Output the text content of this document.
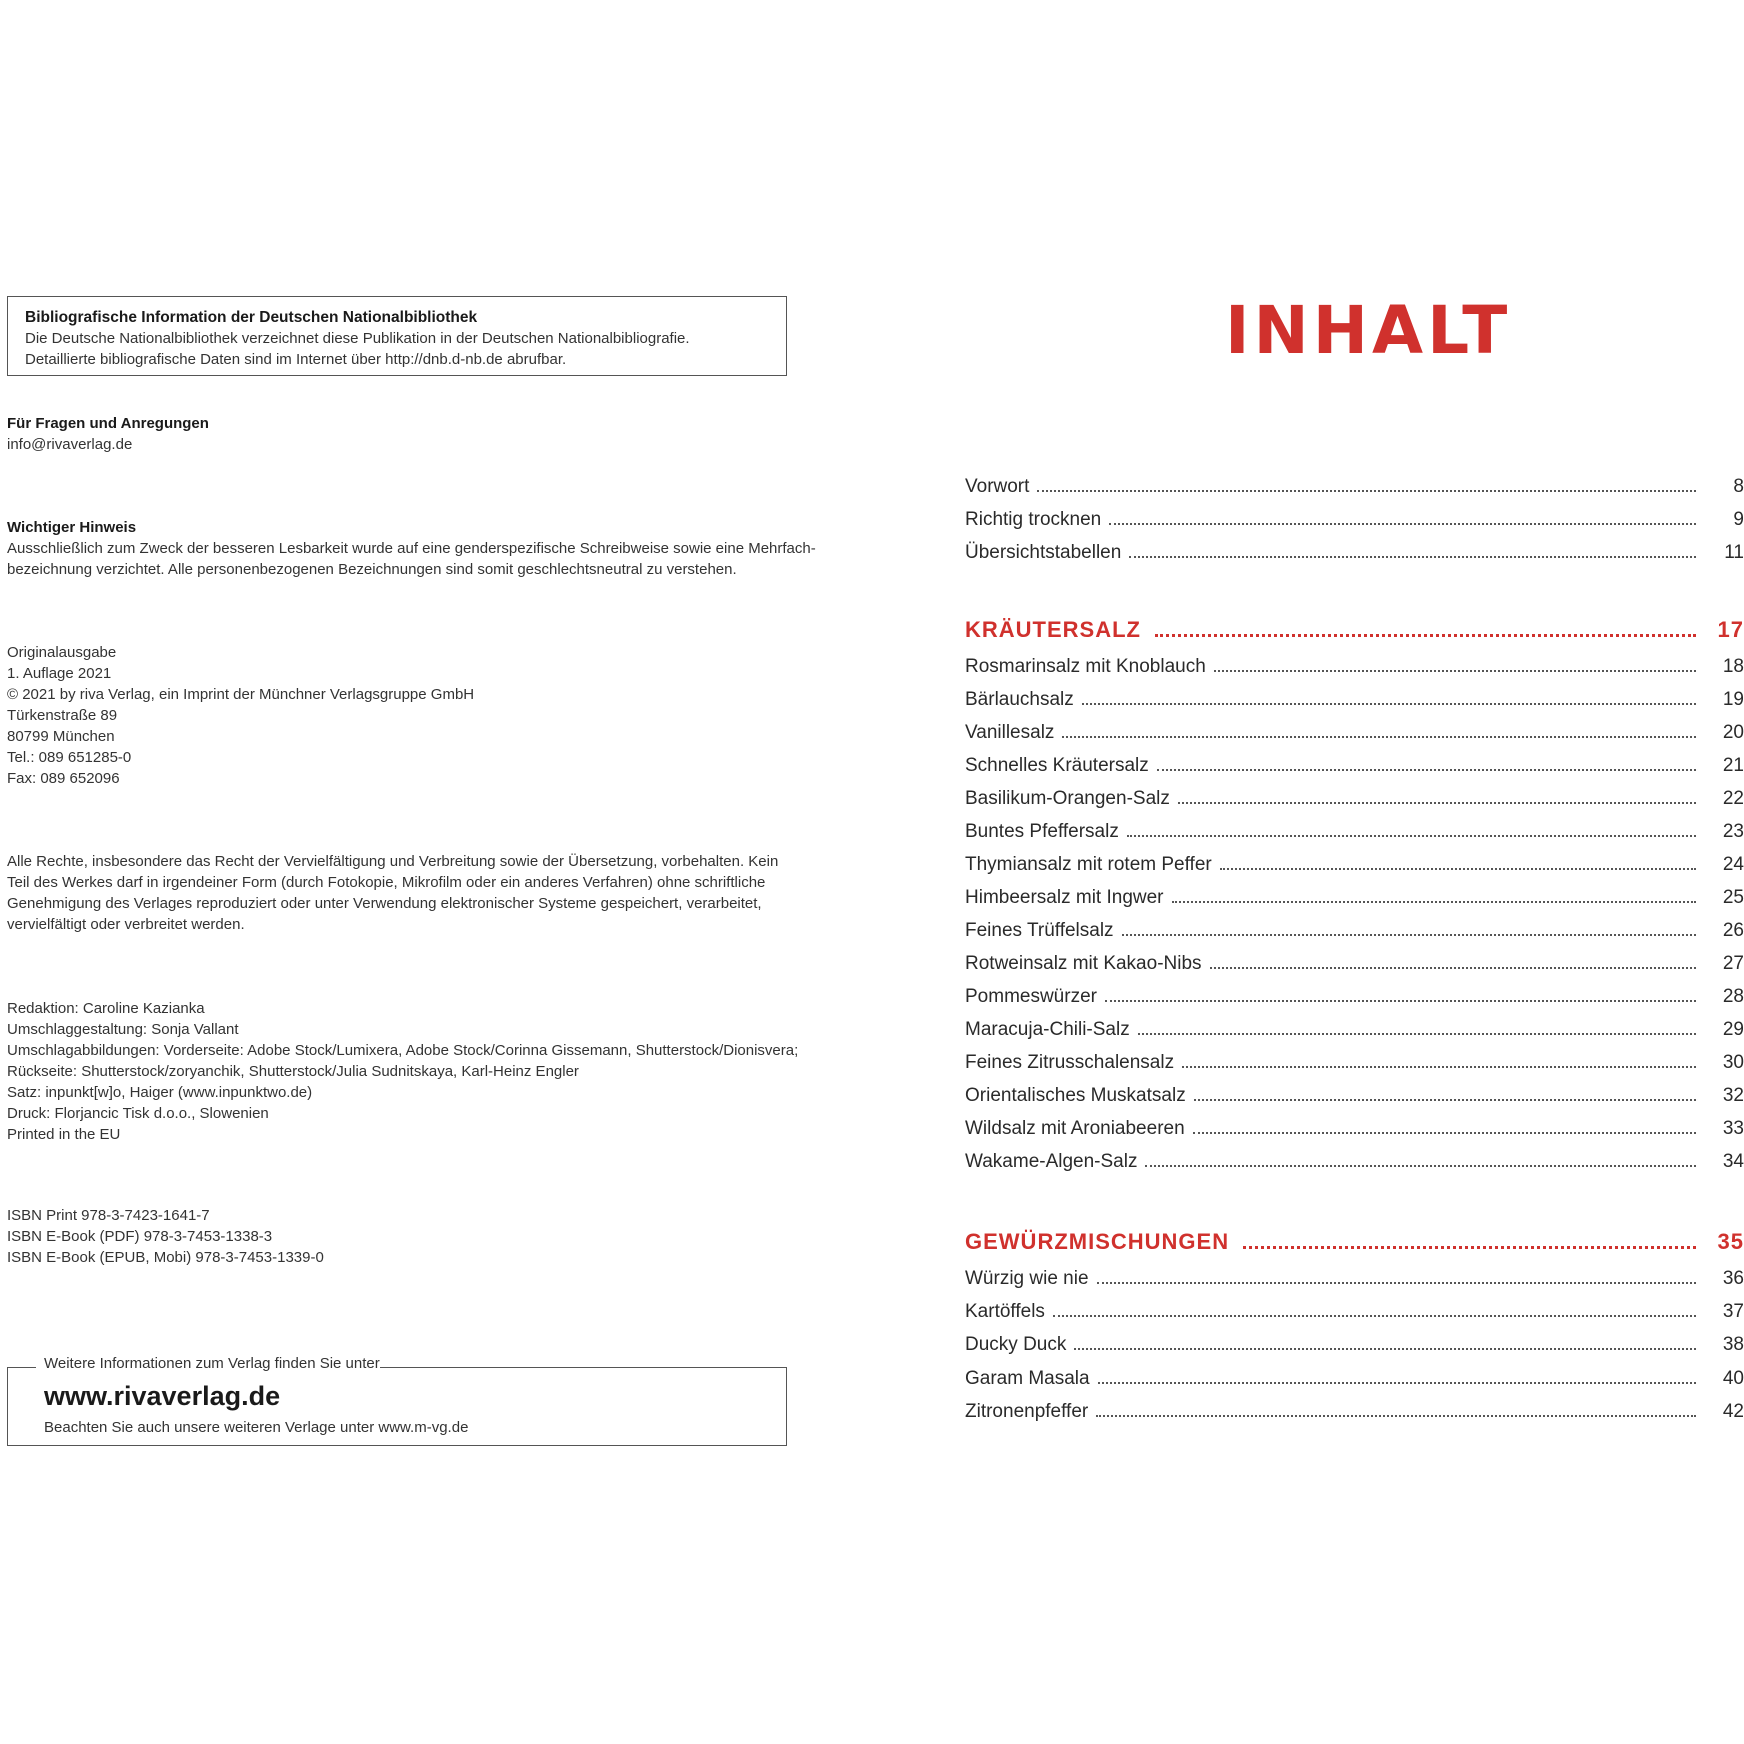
Bibliografische Information der Deutschen Nationalbibliothek
Die Deutsche Nationalbibliothek verzeichnet diese Publikation in der Deutschen Nationalbibliografie.
Detaillierte bibliografische Daten sind im Internet über http://dnb.d-nb.de abrufbar.
Für Fragen und Anregungen
info@rivaverlag.de
Wichtiger Hinweis
Ausschließlich zum Zweck der besseren Lesbarkeit wurde auf eine genderspezifische Schreibweise sowie eine Mehrfach-
bezeichnung verzichtet. Alle personenbezogenen Bezeichnungen sind somit geschlechtsneutral zu verstehen.
Originalausgabe
1. Auflage 2021
© 2021 by riva Verlag, ein Imprint der Münchner Verlagsgruppe GmbH
Türkenstraße 89
80799 München
Tel.: 089 651285-0
Fax: 089 652096
Alle Rechte, insbesondere das Recht der Vervielfältigung und Verbreitung sowie der Übersetzung, vorbehalten. Kein
Teil des Werkes darf in irgendeiner Form (durch Fotokopie, Mikrofilm oder ein anderes Verfahren) ohne schriftliche
Genehmigung des Verlages reproduziert oder unter Verwendung elektronischer Systeme gespeichert, verarbeitet,
vervielfältigt oder verbreitet werden.
Redaktion: Caroline Kazianka
Umschlaggestaltung: Sonja Vallant
Umschlagabbildungen: Vorderseite: Adobe Stock/Lumixera, Adobe Stock/Corinna Gissemann, Shutterstock/Dionisvera;
Rückseite: Shutterstock/zoryanchik, Shutterstock/Julia Sudnitskaya, Karl-Heinz Engler
Satz: inpunkt[w]o, Haiger (www.inpunktwo.de)
Druck: Florjancic Tisk d.o.o., Slowenien
Printed in the EU
ISBN Print 978-3-7423-1641-7
ISBN E-Book (PDF) 978-3-7453-1338-3
ISBN E-Book (EPUB, Mobi) 978-3-7453-1339-0
Weitere Informationen zum Verlag finden Sie unter
www.rivaverlag.de
Beachten Sie auch unsere weiteren Verlage unter www.m-vg.de
INHALT
Vorwort	8
Richtig trocknen	9
Übersichtstabellen	11
KRÄUTERSALZ	17
Rosmarinsalz mit Knoblauch	18
Bärlauchsalz	19
Vanillesalz	20
Schnelles Kräutersalz	21
Basilikum-Orangen-Salz	22
Buntes Pfeffersalz	23
Thymiansalz mit rotem Peffer	24
Himbeersalz mit Ingwer	25
Feines Trüffelsalz	26
Rotweinsalz mit Kakao-Nibs	27
Pommeswürzer	28
Maracuja-Chili-Salz	29
Feines Zitrusschalensalz	30
Orientalisches Muskatsalz	32
Wildsalz mit Aroniabeeren	33
Wakame-Algen-Salz	34
GEWÜRZMISCHUNGEN	35
Würzig wie nie	36
Kartöffels	37
Ducky Duck	38
Garam Masala	40
Zitronenpfeffer	42
